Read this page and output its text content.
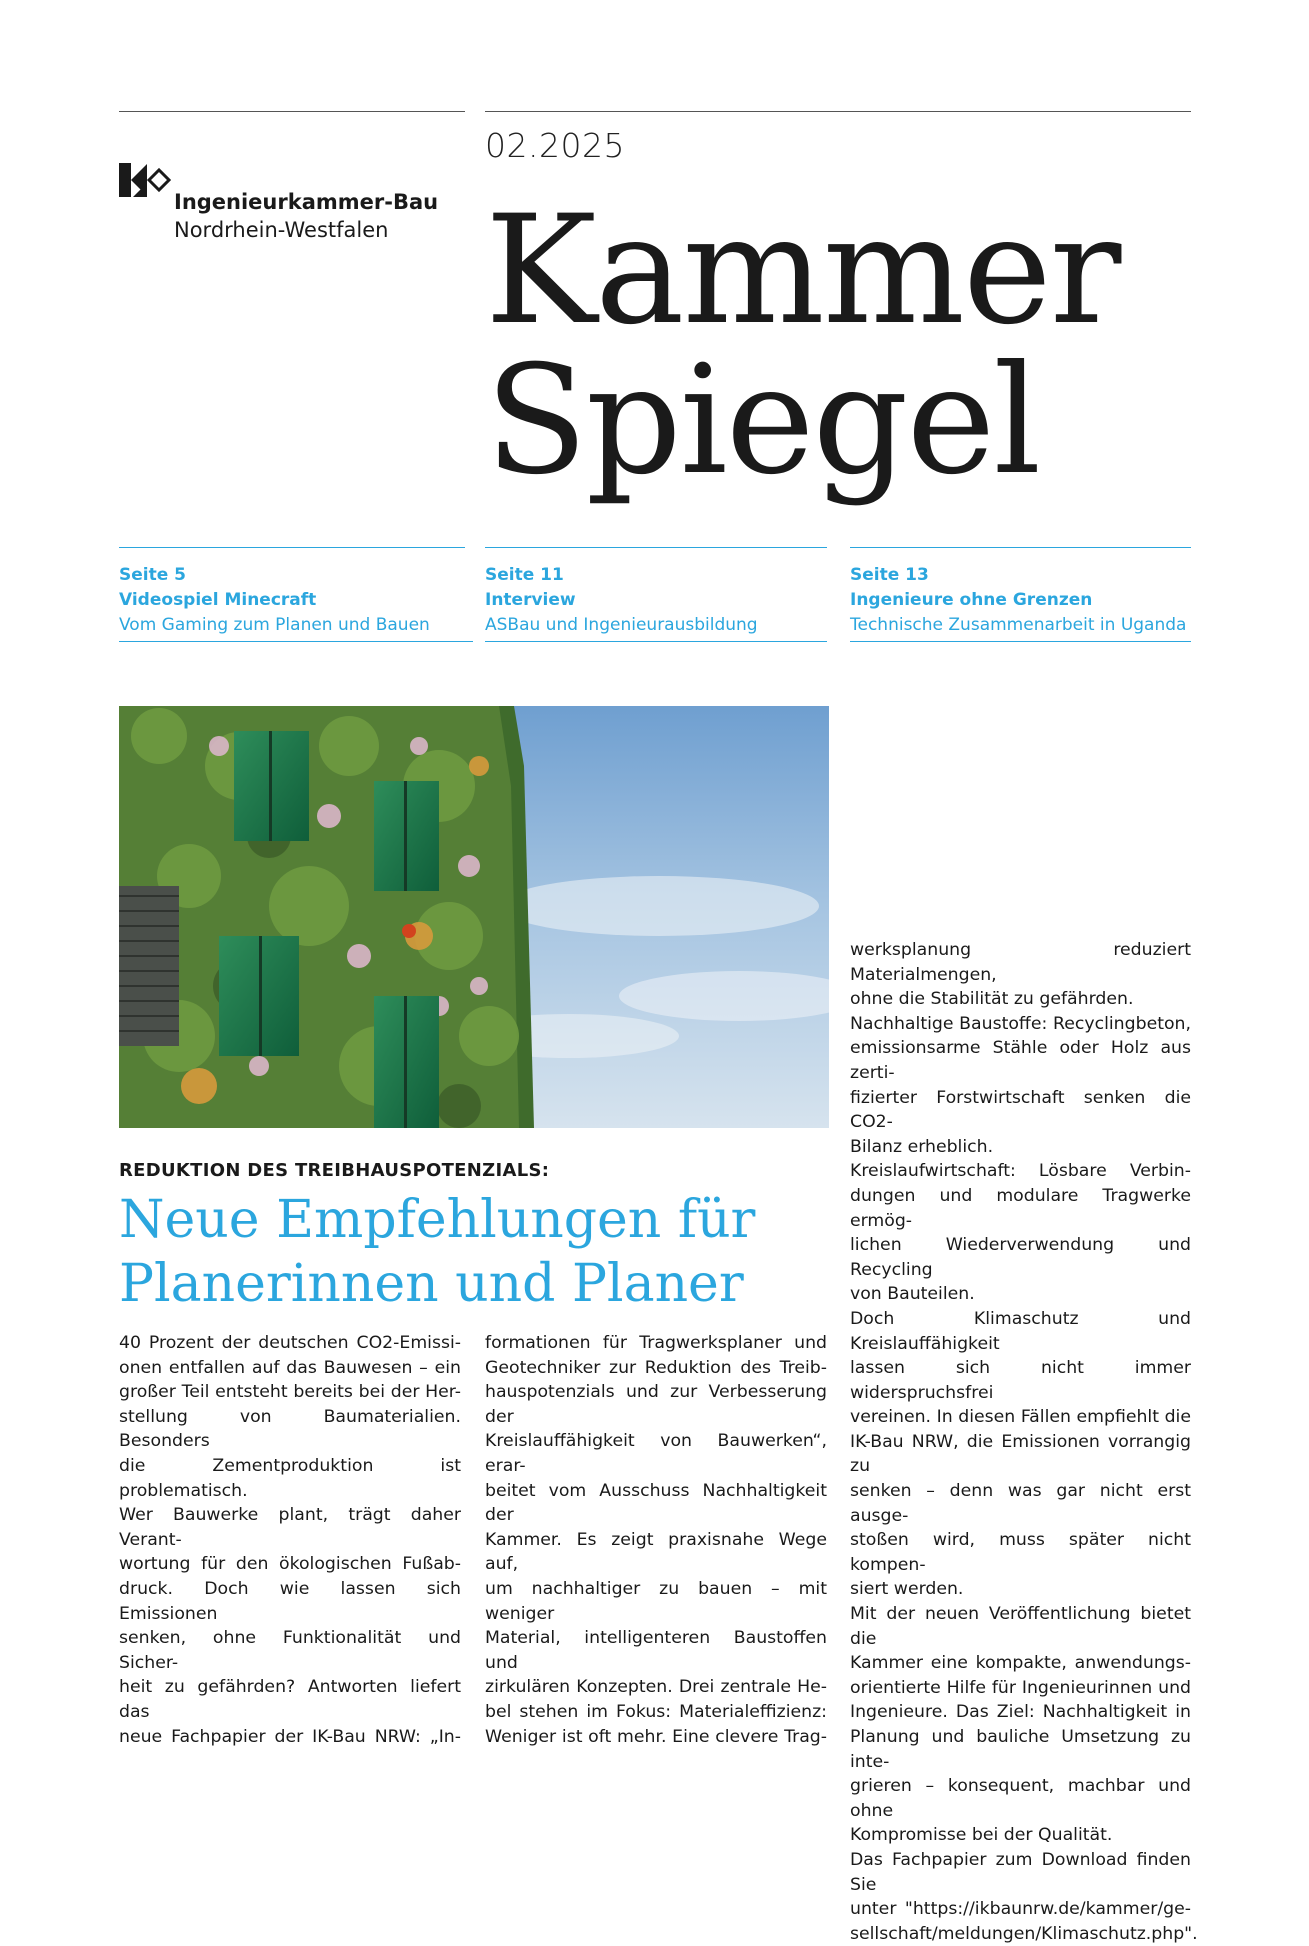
Ingenieurkammer-Bau
Nordrhein-Westfalen
02.2025
Kammer
Spiegel
Seite 5
Videospiel Minecraft
Vom Gaming zum Planen und Bauen
Seite 11
Interview
ASBau und Ingenieurausbildung
Seite 13
Ingenieure ohne Grenzen
Technische Zusammenarbeit in Uganda
REDUKTION DES TREIBHAUSPOTENZIALS:
Neue Empfehlungen für
Planerinnen und Planer

40 Prozent der deutschen CO2-Emissi-

onen entfallen auf das Bauwesen – ein

großer Teil entsteht bereits bei der Her-

stellung von Baumaterialien. Besonders

die Zementproduktion ist problematisch.

Wer Bauwerke plant, trägt daher Verant-

wortung für den ökologischen Fußab-

druck. Doch wie lassen sich Emissionen

senken, ohne Funktionalität und Sicher-

heit zu gefährden? Antworten liefert das

neue Fachpapier der IK-Bau NRW: „In-

formationen für Tragwerksplaner und

Geotechniker zur Reduktion des Treib-

hauspotenzials und zur Verbesserung der

Kreislauffähigkeit von Bauwerken“, erar-

beitet vom Ausschuss Nachhaltigkeit der

Kammer. Es zeigt praxisnahe Wege auf,

um nachhaltiger zu bauen – mit weniger

Material, intelligenteren Baustoffen und

zirkulären Konzepten. Drei zentrale He-

bel stehen im Fokus: Materialeffizienz:

Weniger ist oft mehr. Eine clevere Trag-

werksplanung reduziert Materialmengen,

ohne die Stabilität zu gefährden.

Nachhaltige Baustoffe: Recyclingbeton,

emissionsarme Stähle oder Holz aus zerti-

fizierter Forstwirtschaft senken die CO2-

Bilanz erheblich.

Kreislaufwirtschaft: Lösbare Verbin-

dungen und modulare Tragwerke ermög-

lichen Wiederverwendung und Recycling

von Bauteilen.

Doch Klimaschutz und Kreislauffähigkeit

lassen sich nicht immer widerspruchsfrei

vereinen. In diesen Fällen empfiehlt die

IK-Bau NRW, die Emissionen vorrangig zu

senken – denn was gar nicht erst ausge-

stoßen wird, muss später nicht kompen-

siert werden.

Mit der neuen Veröffentlichung bietet die

Kammer eine kompakte, anwendungs-

orientierte Hilfe für Ingenieurinnen und

Ingenieure. Das Ziel: Nachhaltigkeit in

Planung und bauliche Umsetzung zu inte-

grieren – konsequent, machbar und ohne

Kompromisse bei der Qualität.

Das Fachpapier zum Download finden Sie

unter "https://ikbaunrw.de/kammer/ge-

sellschaft/meldungen/Klimaschutz.php".
